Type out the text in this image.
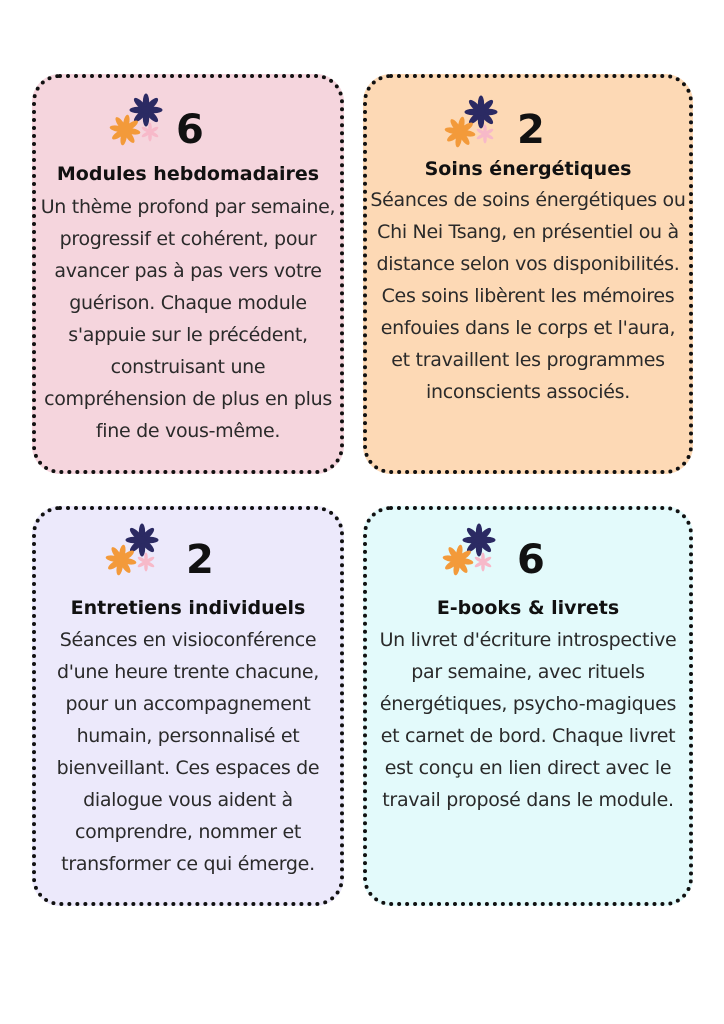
6
Modules hebdomadaires
Un thème profond par semaine, progressif et cohérent, pour avancer pas à pas vers votre guérison. Chaque module s'appuie sur le précédent, construisant une compréhension de plus en plus fine de vous-même.
2
Soins énergétiques
Séances de soins énergétiques ou Chi Nei Tsang, en présentiel ou à distance selon vos disponibilités. Ces soins libèrent les mémoires enfouies dans le corps et l'aura, et travaillent les programmes inconscients associés.
2
Entretiens individuels
Séances en visioconférence d'une heure trente chacune, pour un accompagnement humain, personnalisé et bienveillant. Ces espaces de dialogue vous aident à comprendre, nommer et transformer ce qui émerge.
6
E-books & livrets
Un livret d'écriture introspective par semaine, avec rituels énergétiques, psycho-magiques et carnet de bord. Chaque livret est conçu en lien direct avec le travail proposé dans le module.
